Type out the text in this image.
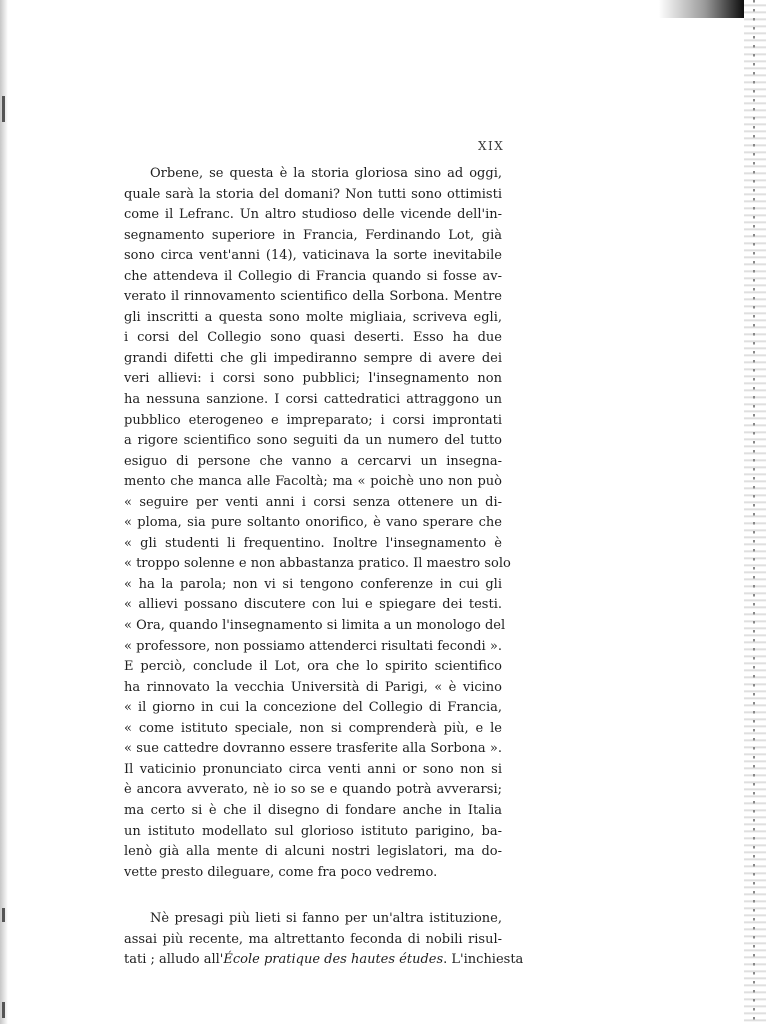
XIX
Orbene, se questa è la storia gloriosa sino ad oggi,
quale sarà la storia del domani? Non tutti sono ottimisti
come il Lefranc. Un altro studioso delle vicende dell'in-
segnamento superiore in Francia, Ferdinando Lot, già
sono circa vent'anni (14), vaticinava la sorte inevitabile
che attendeva il Collegio di Francia quando si fosse av-
verato il rinnovamento scientifico della Sorbona. Mentre
gli inscritti a questa sono molte migliaia, scriveva egli,
i corsi del Collegio sono quasi deserti. Esso ha due
grandi difetti che gli impediranno sempre di avere dei
veri allievi: i corsi sono pubblici; l'insegnamento non
ha nessuna sanzione. I corsi cattedratici attraggono un
pubblico eterogeneo e impreparato; i corsi improntati
a rigore scientifico sono seguiti da un numero del tutto
esiguo di persone che vanno a cercarvi un insegna-
mento che manca alle Facoltà; ma « poichè uno non può
« seguire per venti anni i corsi senza ottenere un di-
« ploma, sia pure soltanto onorifico, è vano sperare che
« gli studenti li frequentino. Inoltre l'insegnamento è
« troppo solenne e non abbastanza pratico. Il maestro solo
« ha la parola; non vi si tengono conferenze in cui gli
« allievi possano discutere con lui e spiegare dei testi.
« Ora, quando l'insegnamento si limita a un monologo del
« professore, non possiamo attenderci risultati fecondi ».
E perciò, conclude il Lot, ora che lo spirito scientifico
ha rinnovato la vecchia Università di Parigi, « è vicino
« il giorno in cui la concezione del Collegio di Francia,
« come istituto speciale, non si comprenderà più, e le
« sue cattedre dovranno essere trasferite alla Sorbona ».
Il vaticinio pronunciato circa venti anni or sono non si
è ancora avverato, nè io so se e quando potrà avverarsi;
ma certo si è che il disegno di fondare anche in Italia
un istituto modellato sul glorioso istituto parigino, ba-
lenò già alla mente di alcuni nostri legislatori, ma do-
vette presto dileguare, come fra poco vedremo.
Nè presagi più lieti si fanno per un'altra istituzione,
assai più recente, ma altrettanto feconda di nobili risul-
tati ; alludo all'École pratique des hautes études. L'inchiesta
